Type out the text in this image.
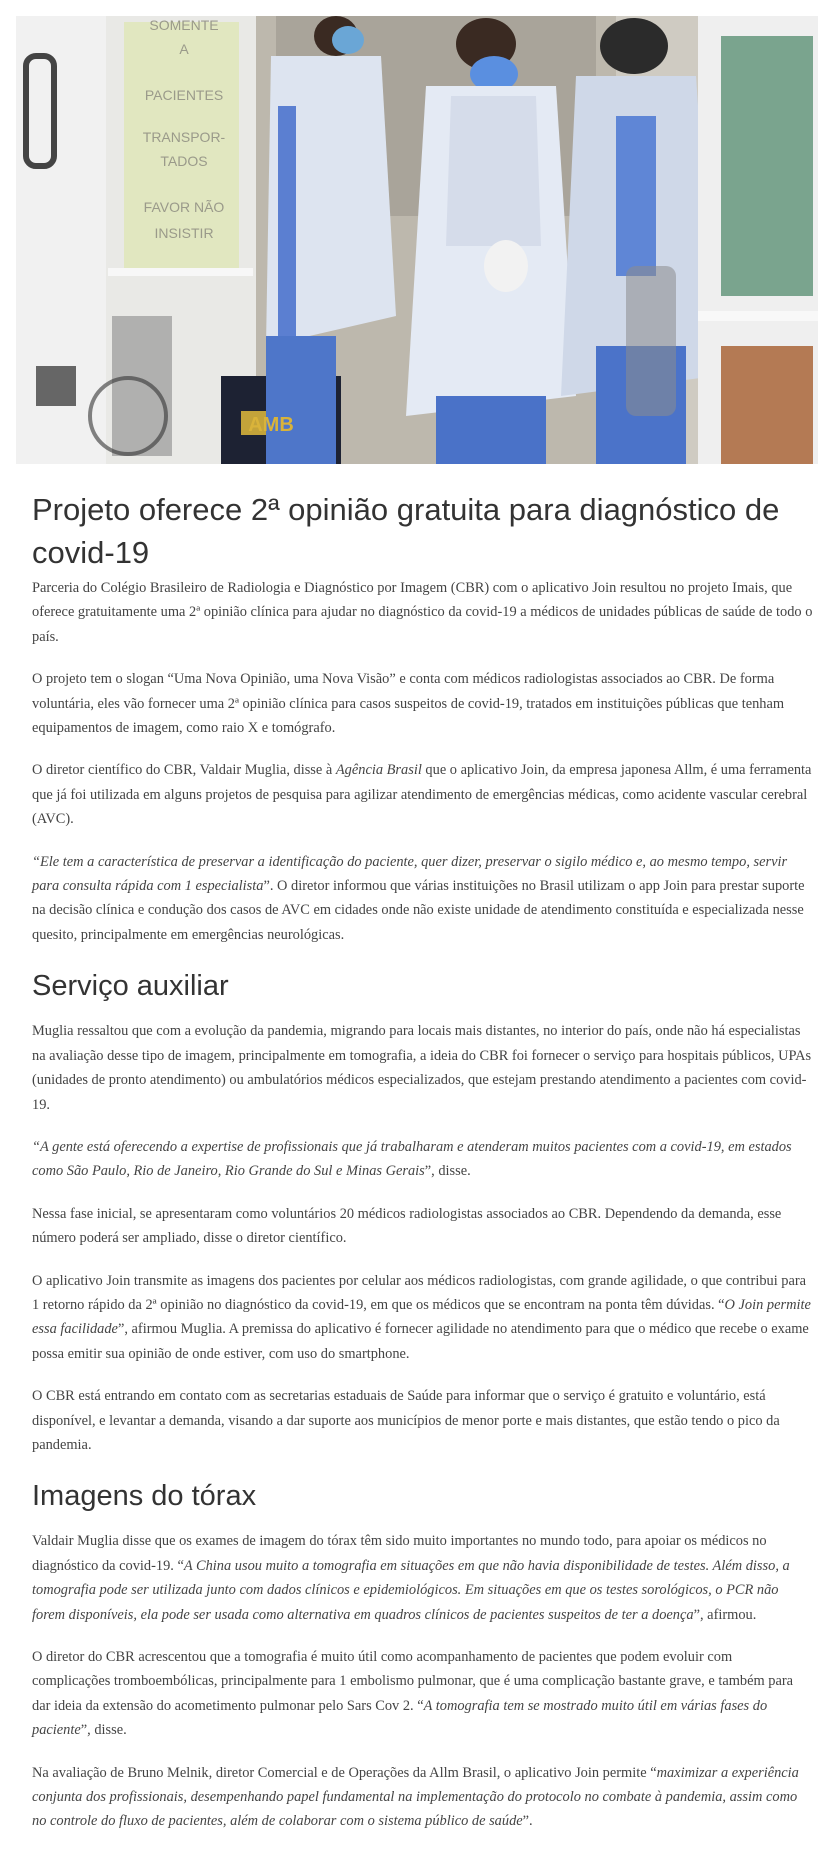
SOMENTE
A
PACIENTES
TRANSPOR-
TADOS
FAVOR NÃO
INSISTIR
AMB
Projeto oferece 2ª opinião gratuita para diagnóstico de covid-19

Parceria do Colégio Brasileiro de Radiologia e Diagnóstico por Imagem (CBR) com o aplicativo Join resultou no projeto Imais, que oferece gratuitamente uma 2ª opinião clínica para ajudar no diagnóstico da covid-19 a médicos de unidades públicas de saúde de todo o país.

O projeto tem o slogan “Uma Nova Opinião, uma Nova Visão” e conta com médicos radiologistas associados ao CBR. De forma voluntária, eles vão fornecer uma 2ª opinião clínica para casos suspeitos de covid-19, tratados em instituições públicas que tenham equipamentos de imagem, como raio X e tomógrafo.

O diretor científico do CBR, Valdair Muglia, disse à Agência Brasil que o aplicativo Join, da empresa japonesa Allm, é uma ferramenta que já foi utilizada em alguns projetos de pesquisa para agilizar atendimento de emergências médicas, como acidente vascular cerebral (AVC).

“Ele tem a característica de preservar a identificação do paciente, quer dizer, preservar o sigilo médico e, ao mesmo tempo, servir para consulta rápida com 1 especialista”. O diretor informou que várias instituições no Brasil utilizam o app Join para prestar suporte na decisão clínica e condução dos casos de AVC em cidades onde não existe unidade de atendimento constituída e especializada nesse quesito, principalmente em emergências neurológicas.

Serviço auxiliar

Muglia ressaltou que com a evolução da pandemia, migrando para locais mais distantes, no interior do país, onde não há especialistas na avaliação desse tipo de imagem, principalmente em tomografia, a ideia do CBR foi fornecer o serviço para hospitais públicos, UPAs (unidades de pronto atendimento) ou ambulatórios médicos especializados, que estejam prestando atendimento a pacientes com covid-19.

“A gente está oferecendo a expertise de profissionais que já trabalharam e atenderam muitos pacientes com a covid-19, em estados como São Paulo, Rio de Janeiro, Rio Grande do Sul e Minas Gerais”, disse.

Nessa fase inicial, se apresentaram como voluntários 20 médicos radiologistas associados ao CBR. Dependendo da demanda, esse número poderá ser ampliado, disse o diretor científico.

O aplicativo Join transmite as imagens dos pacientes por celular aos médicos radiologistas, com grande agilidade, o que contribui para 1 retorno rápido da 2ª opinião no diagnóstico da covid-19, em que os médicos que se encontram na ponta têm dúvidas. “O Join permite essa facilidade”, afirmou Muglia. A premissa do aplicativo é fornecer agilidade no atendimento para que o médico que recebe o exame possa emitir sua opinião de onde estiver, com uso do smartphone.

O CBR está entrando em contato com as secretarias estaduais de Saúde para informar que o serviço é gratuito e voluntário, está disponível, e levantar a demanda, visando a dar suporte aos municípios de menor porte e mais distantes, que estão tendo o pico da pandemia.

Imagens do tórax

Valdair Muglia disse que os exames de imagem do tórax têm sido muito importantes no mundo todo, para apoiar os médicos no diagnóstico da covid-19. “A China usou muito a tomografia em situações em que não havia disponibilidade de testes. Além disso, a tomografia pode ser utilizada junto com dados clínicos e epidemiológicos. Em situações em que os testes sorológicos, o PCR não forem disponíveis, ela pode ser usada como alternativa em quadros clínicos de pacientes suspeitos de ter a doença”, afirmou.

O diretor do CBR acrescentou que a tomografia é muito útil como acompanhamento de pacientes que podem evoluir com complicações tromboembólicas, principalmente para 1 embolismo pulmonar, que é uma complicação bastante grave, e também para dar ideia da extensão do acometimento pulmonar pelo Sars Cov 2. “A tomografia tem se mostrado muito útil em várias fases do paciente”, disse.

Na avaliação de Bruno Melnik, diretor Comercial e de Operações da Allm Brasil, o aplicativo Join permite “maximizar a experiência conjunta dos profissionais, desempenhando papel fundamental na implementação do protocolo no combate à pandemia, assim como no controle do fluxo de pacientes, além de colaborar com o sistema público de saúde”.
